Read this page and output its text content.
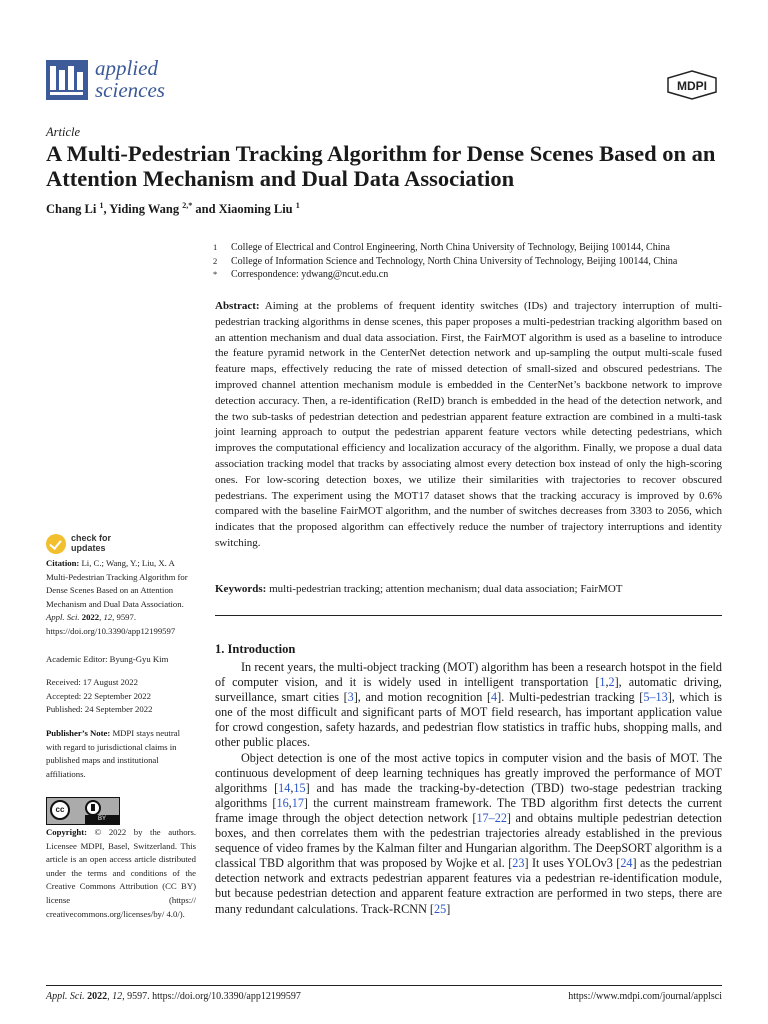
applied
sciences	MDPI
Article
A Multi-Pedestrian Tracking Algorithm for Dense Scenes Based on an Attention Mechanism and Dual Data Association
Chang Li $^1$, Yiding Wang $^{2,*}$ and Xiaoming Liu $^1$
1	College of Electrical and Control Engineering, North China University of Technology, Beijing 100144, China
2	College of Information Science and Technology, North China University of Technology, Beijing 100144, China
*	Correspondence: ydwang@ncut.edu.cn

Abstract: Aiming at the problems of frequent identity switches (IDs) and trajectory interruption of multi-pedestrian tracking algorithms in dense scenes, this paper proposes a multi-pedestrian tracking algorithm based on an attention mechanism and dual data association. First, the FairMOT algorithm is used as a baseline to introduce the feature pyramid network in the CenterNet detection network and up-sampling the output multi-scale fused feature maps, effectively reducing the rate of missed detection of small-sized and obscured pedestrians. The improved channel attention mechanism module is embedded in the CenterNet’s backbone network to improve detection accuracy. Then, a re-identification (ReID) branch is embedded in the head of the detection network, and the two sub-tasks of pedestrian detection and pedestrian apparent feature extraction are combined in a multi-task joint learning approach to output the pedestrian apparent feature vectors while detecting pedestrians, which improves the computational efficiency and localization accuracy of the algorithm. Finally, we propose a dual data association tracking model that tracks by associating almost every detection box instead of only the high-scoring ones. For low-scoring detection boxes, we utilize their similarities with trajectories to recover obscured pedestrians. The experiment using the MOT17 dataset shows that the tracking accuracy is improved by 0.6% compared with the baseline FairMOT algorithm, and the number of switches decreases from 3303 to 2056, which indicates that the proposed algorithm can effectively reduce the number of trajectory interruptions and identity switching.

Keywords: multi-pedestrian tracking; attention mechanism; dual data association; FairMOT
1. Introduction

In recent years, the multi-object tracking (MOT) algorithm has been a research hotspot in the field of computer vision, and it is widely used in intelligent transportation [1,2], automatic driving, surveillance, smart cities [3], and motion recognition [4]. Multi-pedestrian tracking [5–13], which is one of the most difficult and significant parts of MOT field research, has important application value for crowd congestion, safety hazards, and pedestrian flow statistics in traffic hubs, shopping malls, and other public places.

Object detection is one of the most active topics in computer vision and the basis of MOT. The continuous development of deep learning techniques has greatly improved the performance of MOT algorithms [14,15] and has made the tracking-by-detection (TBD) two-stage pedestrian tracking algorithms [16,17] the current mainstream framework. The TBD algorithm first detects the current frame image through the object detection network [17–22] and obtains multiple pedestrian detection boxes, and then correlates them with the pedestrian trajectories already established in the previous sequence of video frames by the Kalman filter and Hungarian algorithm. The DeepSORT algorithm is a classical TBD algorithm that was proposed by Wojke et al. [23] It uses YOLOv3 [24] as the pedestrian detection network and extracts pedestrian apparent features via a pedestrian re-identification module, but because pedestrian detection and apparent feature extraction are performed in two steps, there are many redundant calculations. Track-RCNN [25]

check for
updates
Citation: Li, C.; Wang, Y.; Liu, X. A Multi-Pedestrian Tracking Algorithm for Dense Scenes Based on an Attention Mechanism and Dual Data Association. Appl. Sci. 2022, 12, 9597. https://doi.org/10.3390/app12199597
Academic Editor: Byung-Gyu Kim
Received: 17 August 2022
Accepted: 22 September 2022
Published: 24 September 2022
Publisher’s Note: MDPI stays neutral with regard to jurisdictional claims in published maps and institutional affiliations.
cc
BY
Copyright: © 2022 by the authors. Licensee MDPI, Basel, Switzerland. This article is an open access article distributed under the terms and conditions of the Creative Commons Attribution (CC BY) license (https:// creativecommons.org/licenses/by/ 4.0/).
Appl. Sci. 2022, 12, 9597. https://doi.org/10.3390/app12199597	https://www.mdpi.com/journal/applsci
